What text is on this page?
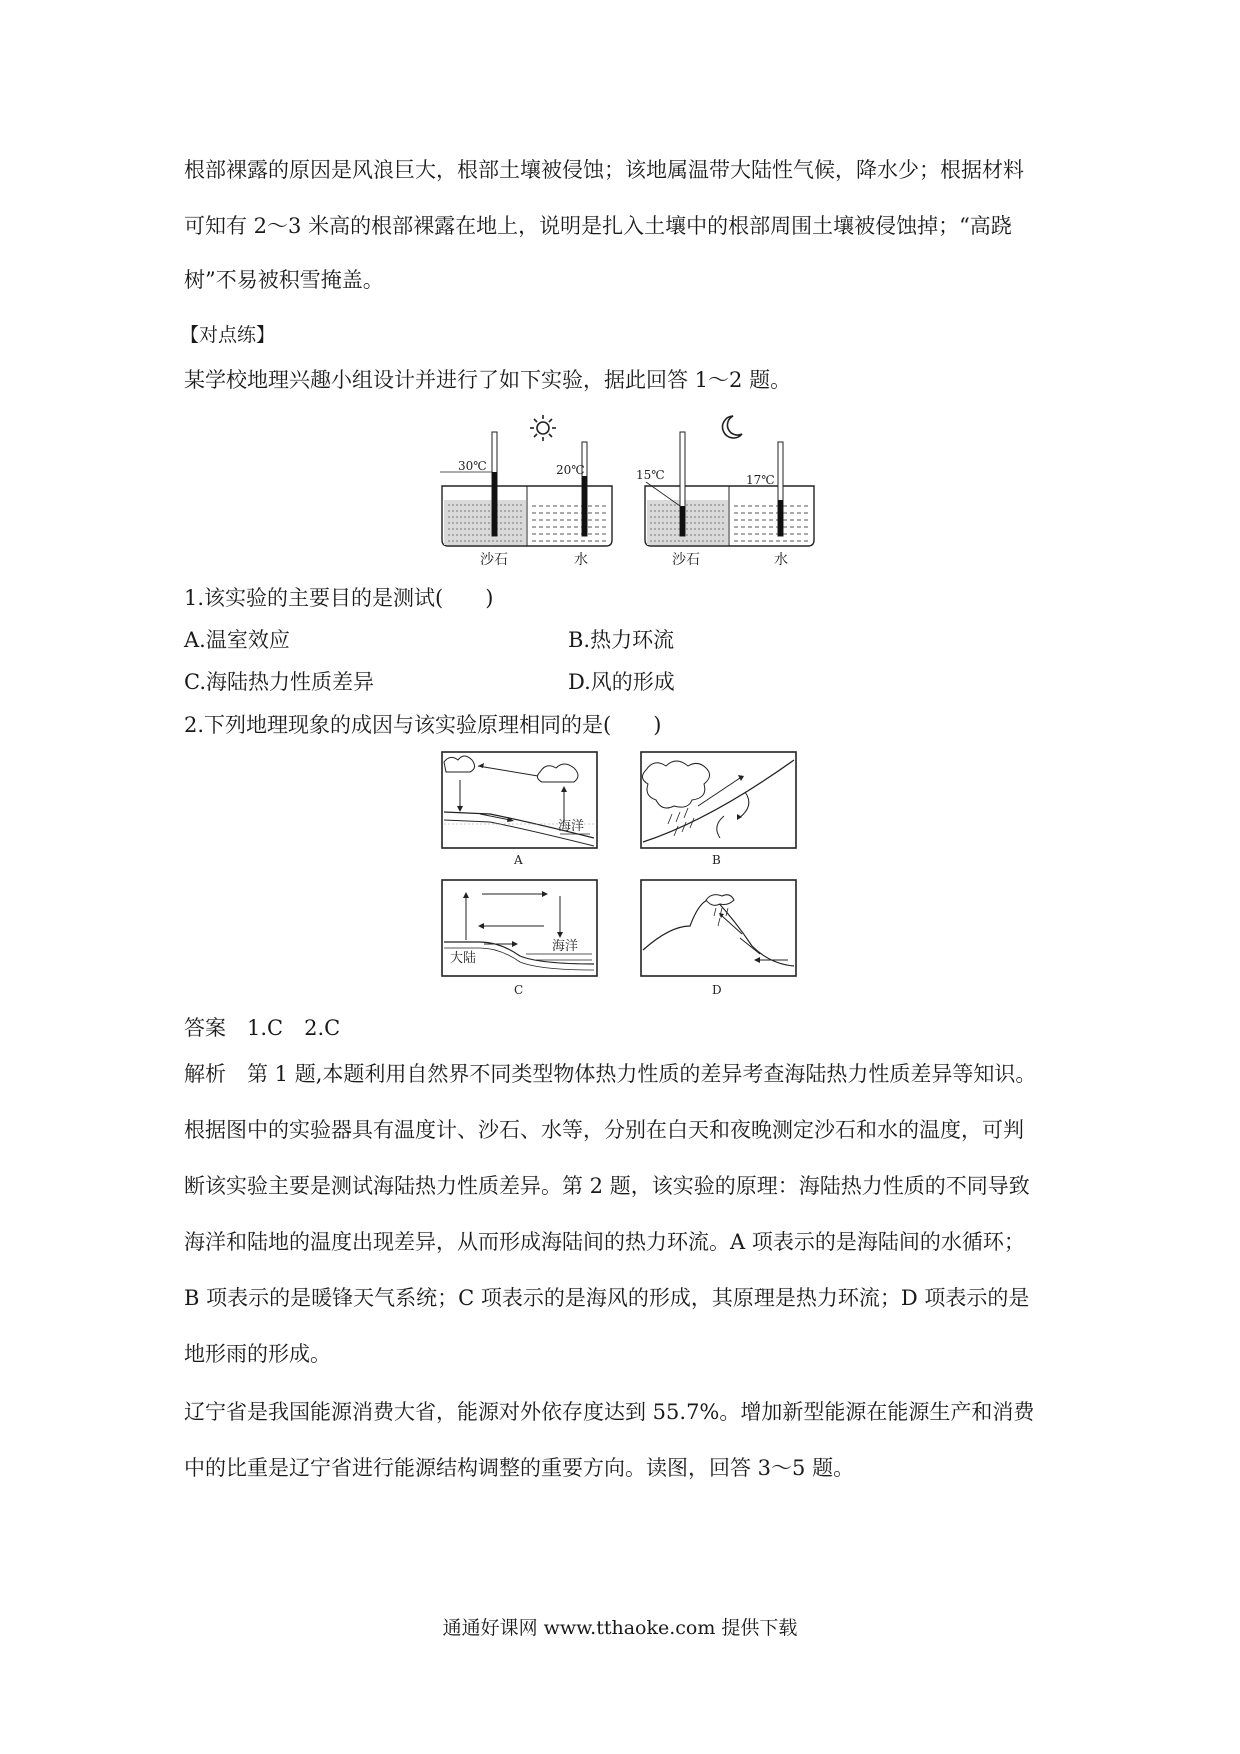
根部裸露的原因是风浪巨大，根部土壤被侵蚀；该地属温带大陆性气候，降水少；根据材料
可知有 2～3 米高的根部裸露在地上，说明是扎入土壤中的根部周围土壤被侵蚀掉；“高跷
树”不易被积雪掩盖。
【对点练】
某学校地理兴趣小组设计并进行了如下实验，据此回答 1～2 题。
30℃	20℃
沙石	水
15℃	17℃
沙石	水
1.该实验的主要目的是测试(　　)
A.温室效应	B.热力环流
C.海陆热力性质差异	D.风的形成
2.下列地理现象的成因与该实验原理相同的是(　　)
海洋
A	B
海洋
大陆
C	D
答案　1.C　2.C
解析　第 1 题,本题利用自然界不同类型物体热力性质的差异考查海陆热力性质差异等知识。
根据图中的实验器具有温度计、沙石、水等，分别在白天和夜晚测定沙石和水的温度，可判
断该实验主要是测试海陆热力性质差异。第 2 题，该实验的原理：海陆热力性质的不同导致
海洋和陆地的温度出现差异，从而形成海陆间的热力环流。A 项表示的是海陆间的水循环；
B 项表示的是暖锋天气系统；C 项表示的是海风的形成，其原理是热力环流；D 项表示的是
地形雨的形成。
辽宁省是我国能源消费大省，能源对外依存度达到 55.7%。增加新型能源在能源生产和消费
中的比重是辽宁省进行能源结构调整的重要方向。读图，回答 3～5 题。
通通好课网 www.tthaoke.com 提供下载
